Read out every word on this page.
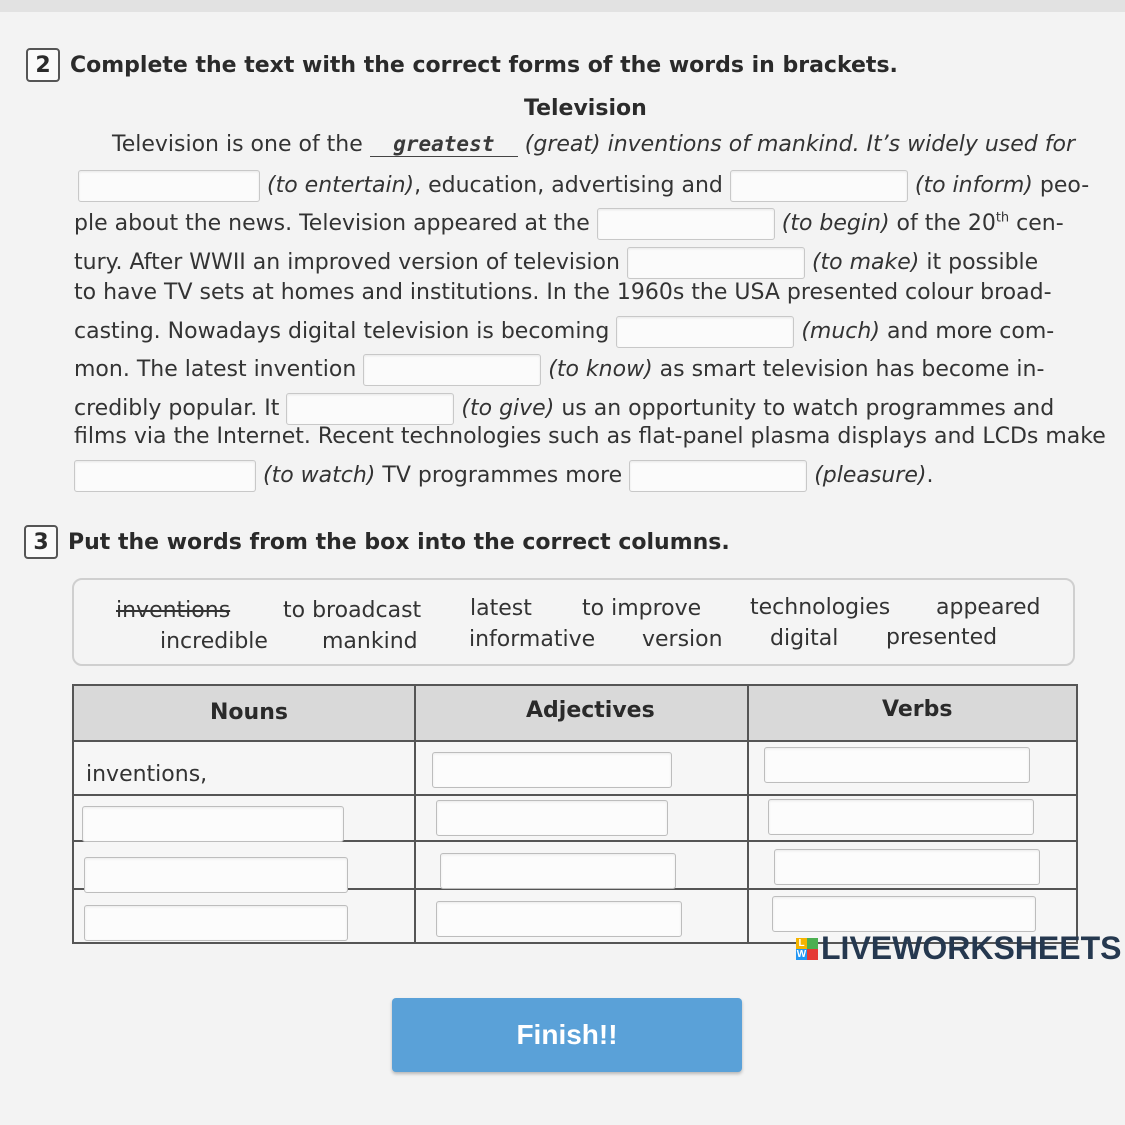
2 Complete the text with the correct forms of the words in brackets.
Television
Television is one of the greatest (great) inventions of mankind. It’s widely used for
(to entertain), education, advertising and	(to inform) peo-
ple about the news. Television appeared at the	(to begin) of the 20th cen-
tury. After WWII an improved version of television	(to make) it possible
to have TV sets at homes and institutions. In the 1960s the USA presented colour broad-
casting. Nowadays digital television is becoming	(much) and more com-
mon. The latest invention	(to know) as smart television has become in-
credibly popular. It	(to give) us an opportunity to watch programmes and
films via the Internet. Recent technologies such as flat-panel plasma displays and LCDs make
(to watch) TV programmes more	(pleasure).
3 Put the words from the box into the correct columns.
inventions to broadcast latest to improve technologies appeared
incredible mankind informative version digital presented
Nouns	Adjectives	Verbs
inventions,
L
W LIVEWORKSHEETS
Finish!!
